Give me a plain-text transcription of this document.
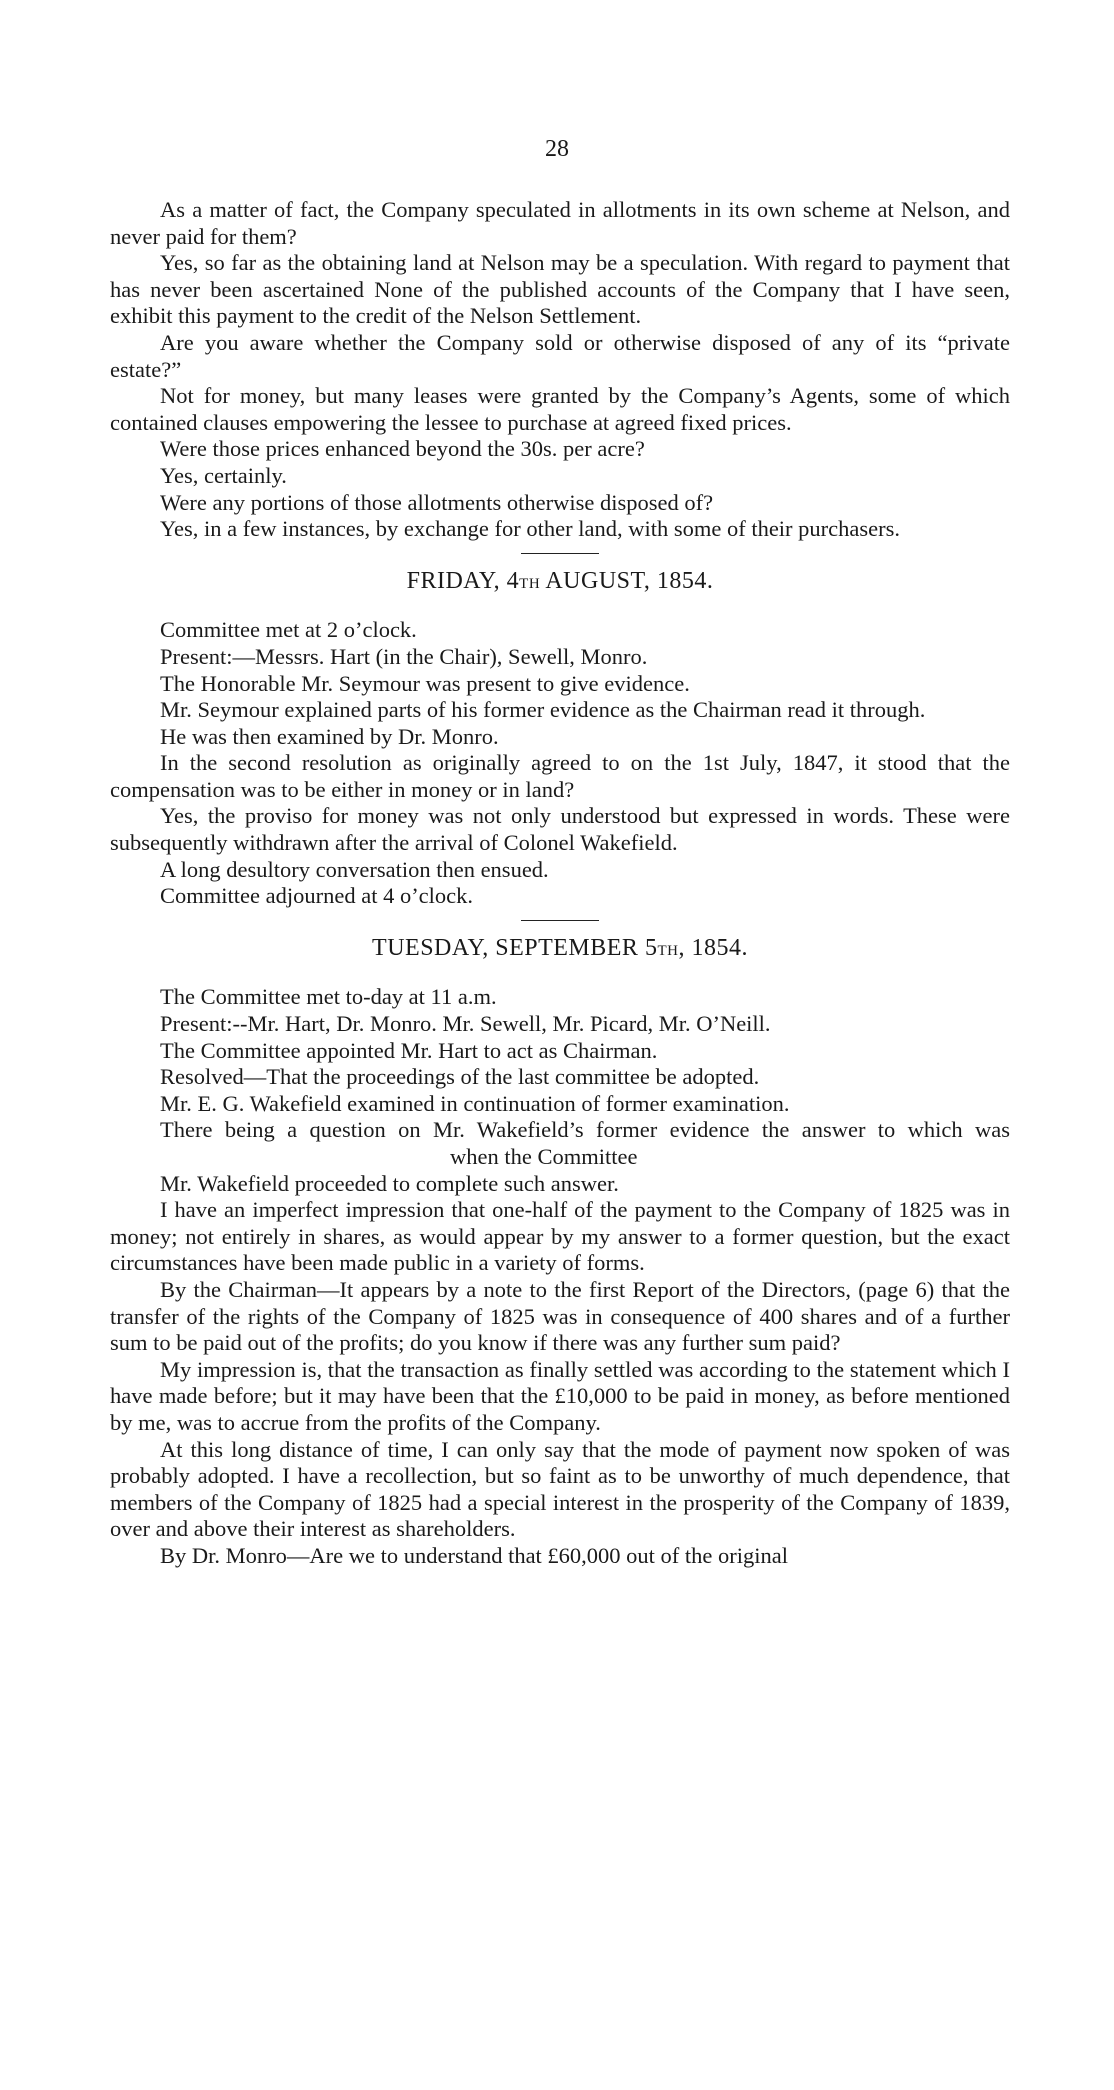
28

As a matter of fact, the Company speculated in allotments in its own scheme at Nelson, and never paid for them?

Yes, so far as the obtaining land at Nelson may be a speculation. With regard to payment that has never been ascertained None of the published accounts of the Company that I have seen, exhibit this payment to the credit of the Nelson Settlement.

Are you aware whether the Company sold or otherwise disposed of any of its “private estate?”

Not for money, but many leases were granted by the Company’s Agents, some of which contained clauses empowering the lessee to purchase at agreed fixed prices.

Were those prices enhanced beyond the 30s. per acre?

Yes, certainly.

Were any portions of those allotments otherwise disposed of?

Yes, in a few instances, by exchange for other land, with some of their purchasers.

FRIDAY, 4TH AUGUST, 1854.

Committee met at 2 o’clock.

Present:—Messrs. Hart (in the Chair), Sewell, Monro.

The Honorable Mr. Seymour was present to give evidence.

Mr. Seymour explained parts of his former evidence as the Chairman read it through.

He was then examined by Dr. Monro.

In the second resolution as originally agreed to on the 1st July, 1847, it stood that the compensation was to be either in money or in land?

Yes, the proviso for money was not only understood but expressed in words. These were subsequently withdrawn after the arrival of Colonel Wakefield.

A long desultory conversation then ensued.

Committee adjourned at 4 o’clock.

TUESDAY, SEPTEMBER 5TH, 1854.

The Committee met to-day at 11 a.m.

Present:--Mr. Hart, Dr. Monro. Mr. Sewell, Mr. Picard, Mr. O’Neill.

The Committee appointed Mr. Hart to act as Chairman.

Resolved—That the proceedings of the last committee be adopted.

Mr. E. G. Wakefield examined in continuation of former examination.

There being a question on Mr. Wakefield’s former evidence the answer to which waswhen the Committee

Mr. Wakefield proceeded to complete such answer.

I have an imperfect impression that one-half of the payment to the Company of 1825 was in money; not entirely in shares, as would appear by my answer to a former question, but the exact circumstances have been made public in a variety of forms.

By the Chairman—It appears by a note to the first Report of the Directors, (page 6) that the transfer of the rights of the Company of 1825 was in consequence of 400 shares and of a further sum to be paid out of the profits; do you know if there was any further sum paid?

My impression is, that the transaction as finally settled was according to the statement which I have made before; but it may have been that the £10,000 to be paid in money, as before mentioned by me, was to accrue from the profits of the Company.

At this long distance of time, I can only say that the mode of payment now spoken of was probably adopted. I have a recollection, but so faint as to be unworthy of much dependence, that members of the Company of 1825 had a special interest in the prosperity of the Company of 1839, over and above their interest as shareholders.

By Dr. Monro—Are we to understand that £60,000 out of the original
